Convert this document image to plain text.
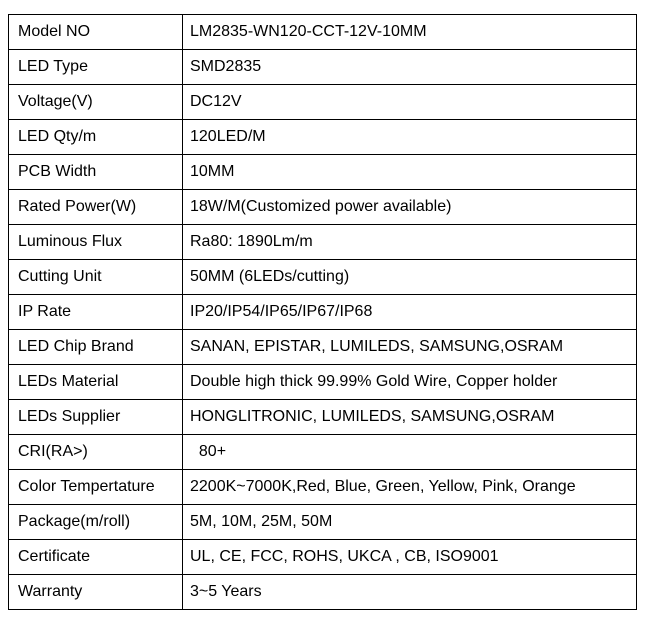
Model NO	LM2835-WN120-CCT-12V-10MM
LED Type	SMD2835
Voltage(V)	DC12V
LED Qty/m	120LED/M
PCB Width	10MM
Rated Power(W)	18W/M(Customized power available)
Luminous Flux	Ra80: 1890Lm/m
Cutting Unit	50MM (6LEDs/cutting)
IP Rate	IP20/IP54/IP65/IP67/IP68
LED Chip Brand	SANAN, EPISTAR, LUMILEDS, SAMSUNG,OSRAM
LEDs Material	Double high thick 99.99% Gold Wire, Copper holder
LEDs Supplier	HONGLITRONIC, LUMILEDS, SAMSUNG,OSRAM
CRI(RA>)	80+
Color Tempertature	2200K~7000K,Red, Blue, Green, Yellow, Pink, Orange
Package(m/roll)	5M, 10M, 25M, 50M
Certificate	UL, CE, FCC, ROHS, UKCA , CB, ISO9001
Warranty	3~5 Years
